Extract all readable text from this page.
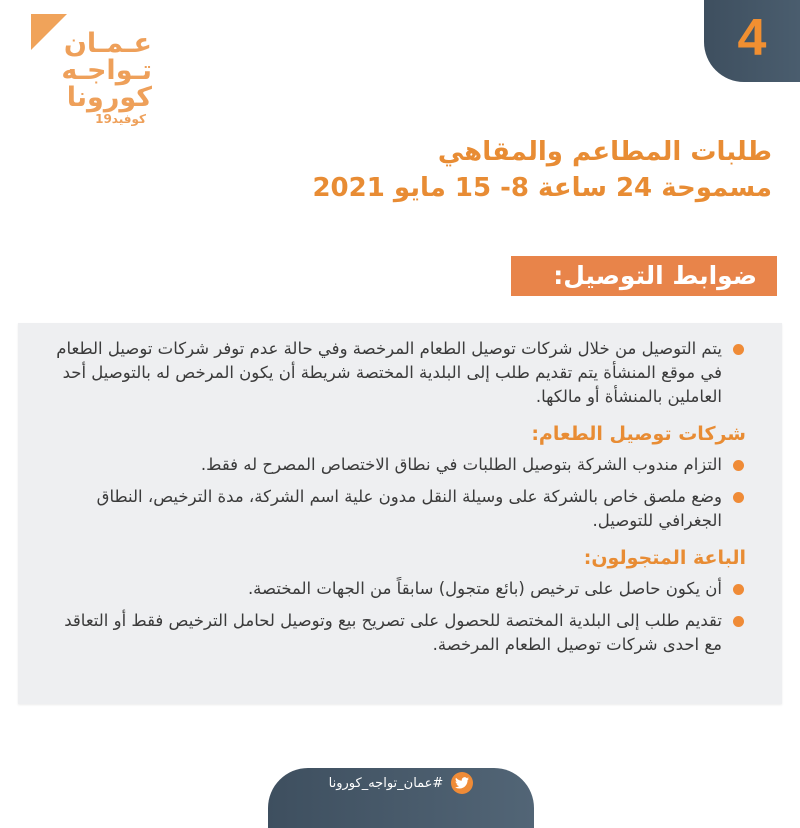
عـمـان
تـواجـه
كورونا
كوفيد19
4
طلبات المطاعم والمقاهي
مسموحة 24 ساعة 8- 15 مايو 2021
ضوابط التوصيل:
يتم التوصيل من خلال شركات توصيل الطعام المرخصة وفي حالة عدم توفر شركات توصيل الطعام في موقع المنشأة يتم تقديم طلب إلى البلدية المختصة شريطة أن يكون المرخص له بالتوصيل أحد العاملين بالمنشأة أو مالكها.
شركات توصيل الطعام:
التزام مندوب الشركة بتوصيل الطلبات في نطاق الاختصاص المصرح له فقط.
وضع ملصق خاص بالشركة على وسيلة النقل مدون علية اسم الشركة، مدة الترخيص، النطاق الجغرافي للتوصيل.
الباعة المتجولون:
أن يكون حاصل على ترخيص (بائع متجول) سابقاً من الجهات المختصة.
تقديم طلب إلى البلدية المختصة للحصول على تصريح بيع وتوصيل لحامل الترخيص فقط أو التعاقد مع احدى شركات توصيل الطعام المرخصة.
#عمان_تواجه_كورونا
